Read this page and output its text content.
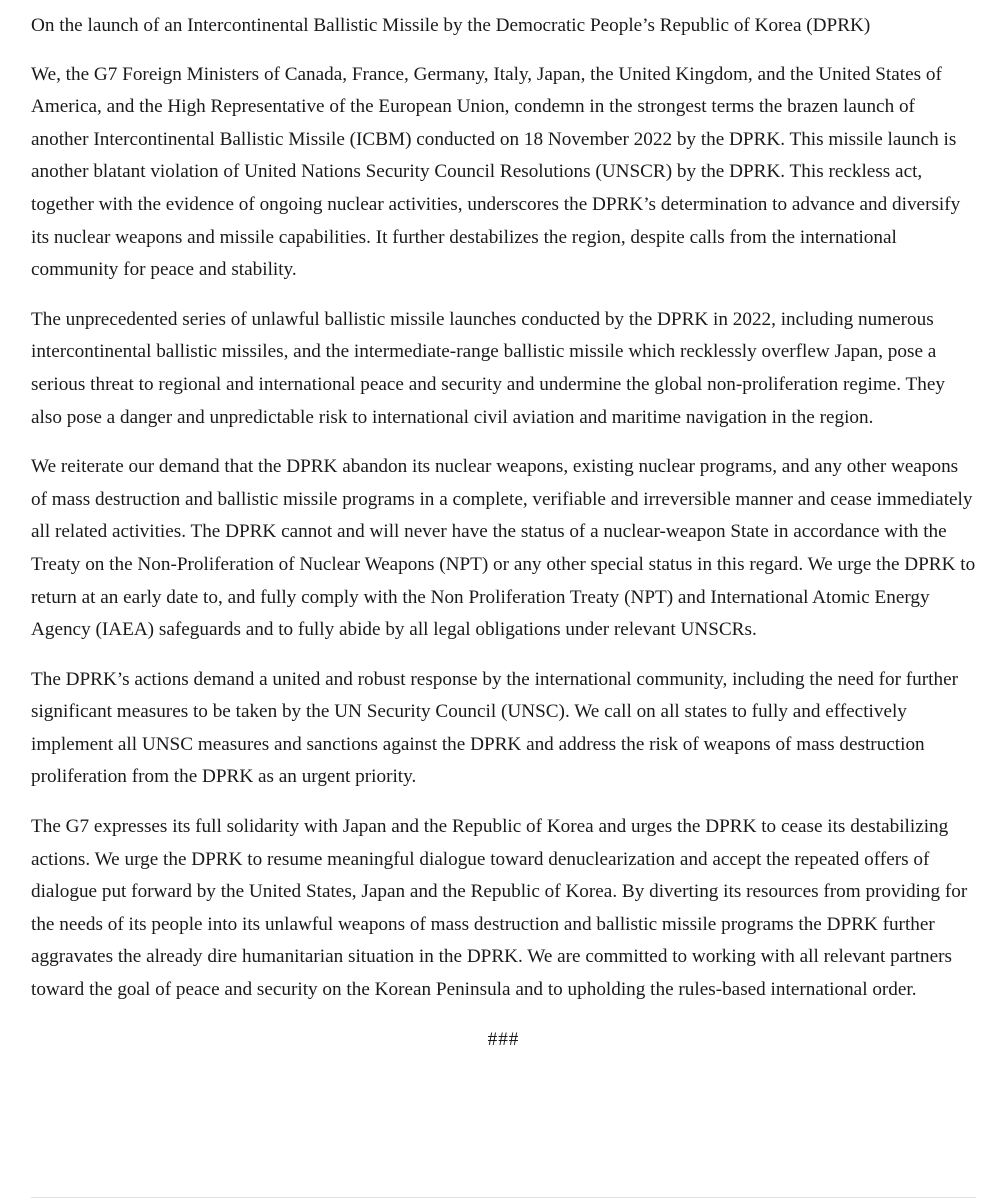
On the launch of an Intercontinental Ballistic Missile by the Democratic People’s Republic of Korea (DPRK)

We, the G7 Foreign Ministers of Canada, France, Germany, Italy, Japan, the United Kingdom, and the United States of America, and the High Representative of the European Union, condemn in the strongest terms the brazen launch of another Intercontinental Ballistic Missile (ICBM) conducted on 18 November 2022 by the DPRK. This missile launch is another blatant violation of United Nations Security Council Resolutions (UNSCR) by the DPRK. This reckless act, together with the evidence of ongoing nuclear activities, underscores the DPRK’s determination to advance and diversify its nuclear weapons and missile capabilities. It further destabilizes the region, despite calls from the international community for peace and stability.

The unprecedented series of unlawful ballistic missile launches conducted by the DPRK in 2022, including numerous intercontinental ballistic missiles, and the intermediate-range ballistic missile which recklessly overflew Japan, pose a serious threat to regional and international peace and security and undermine the global non-proliferation regime. They also pose a danger and unpredictable risk to international civil aviation and maritime navigation in the region.

We reiterate our demand that the DPRK abandon its nuclear weapons, existing nuclear programs, and any other weapons of mass destruction and ballistic missile programs in a complete, verifiable and irreversible manner and cease immediately all related activities. The DPRK cannot and will never have the status of a nuclear-weapon State in accordance with the Treaty on the Non-Proliferation of Nuclear Weapons (NPT) or any other special status in this regard. We urge the DPRK to return at an early date to, and fully comply with the Non Proliferation Treaty (NPT) and International Atomic Energy Agency (IAEA) safeguards and to fully abide by all legal obligations under relevant UNSCRs.

The DPRK’s actions demand a united and robust response by the international community, including the need for further significant measures to be taken by the UN Security Council (UNSC). We call on all states to fully and effectively implement all UNSC measures and sanctions against the DPRK and address the risk of weapons of mass destruction proliferation from the DPRK as an urgent priority.

The G7 expresses its full solidarity with Japan and the Republic of Korea and urges the DPRK to cease its destabilizing actions. We urge the DPRK to resume meaningful dialogue toward denuclearization and accept the repeated offers of dialogue put forward by the United States, Japan and the Republic of Korea. By diverting its resources from providing for the needs of its people into its unlawful weapons of mass destruction and ballistic missile programs the DPRK further aggravates the already dire humanitarian situation in the DPRK. We are committed to working with all relevant partners toward the goal of peace and security on the Korean Peninsula and to upholding the rules-based international order.

###
